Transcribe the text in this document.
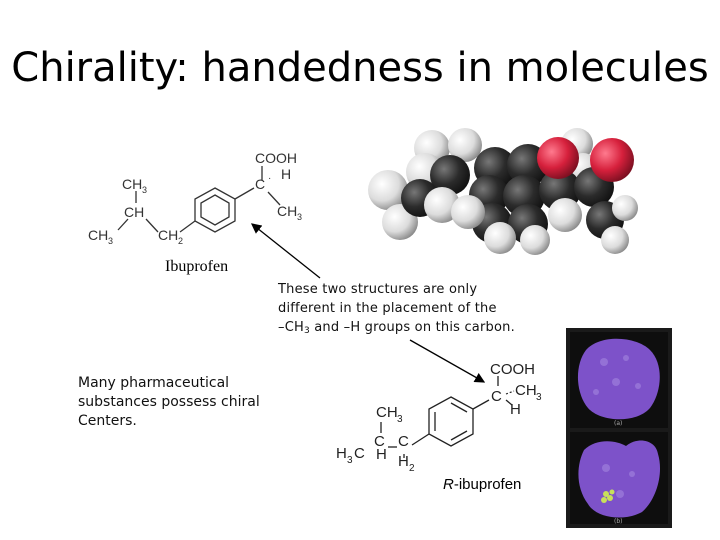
Chirality: handedness in molecules
COOH
C · H
CH 3
CH 3
CH
CH 3	CH 2
Ibuprofen
These two structures are only
different in the placement of the
$-CH_3$ and –H groups on this carbon.
Many pharmaceutical substances possess chiral Centers.
COOH
C CH 3
H
CH 3
C C
H 3 C H H 2
R-ibuprofen
(a)
(b)
